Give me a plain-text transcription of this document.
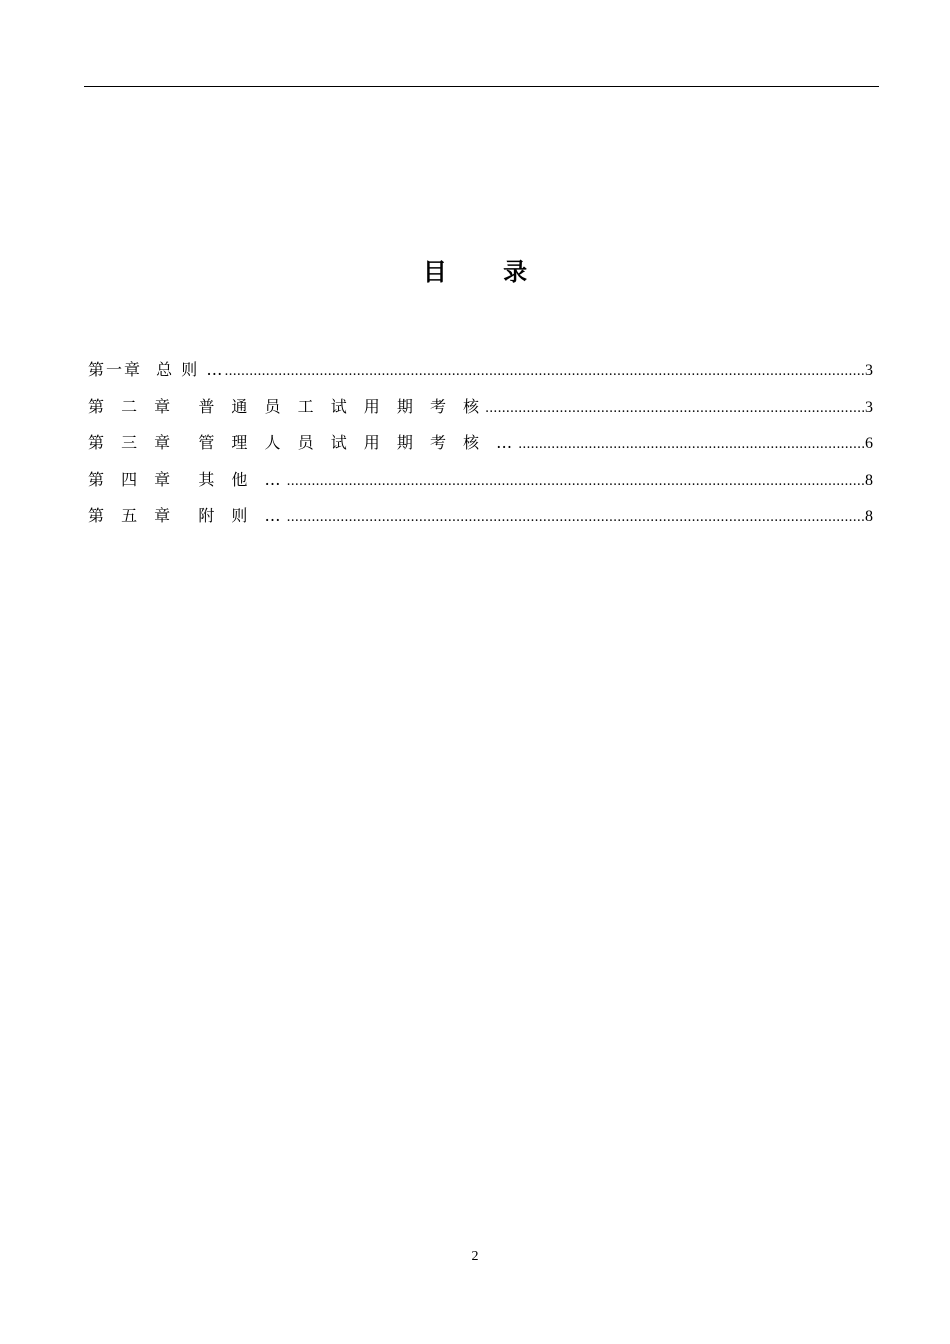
目 录
第一章  总 则 … .....	3
第 二 章  普 通 员 工 试 用 期 考 核 .....	3
第 三 章  管 理 人 员 试 用 期 考 核 … .....	6
第 四 章  其 他 … .....	8
第 五 章  附 则 … .....	8
2
